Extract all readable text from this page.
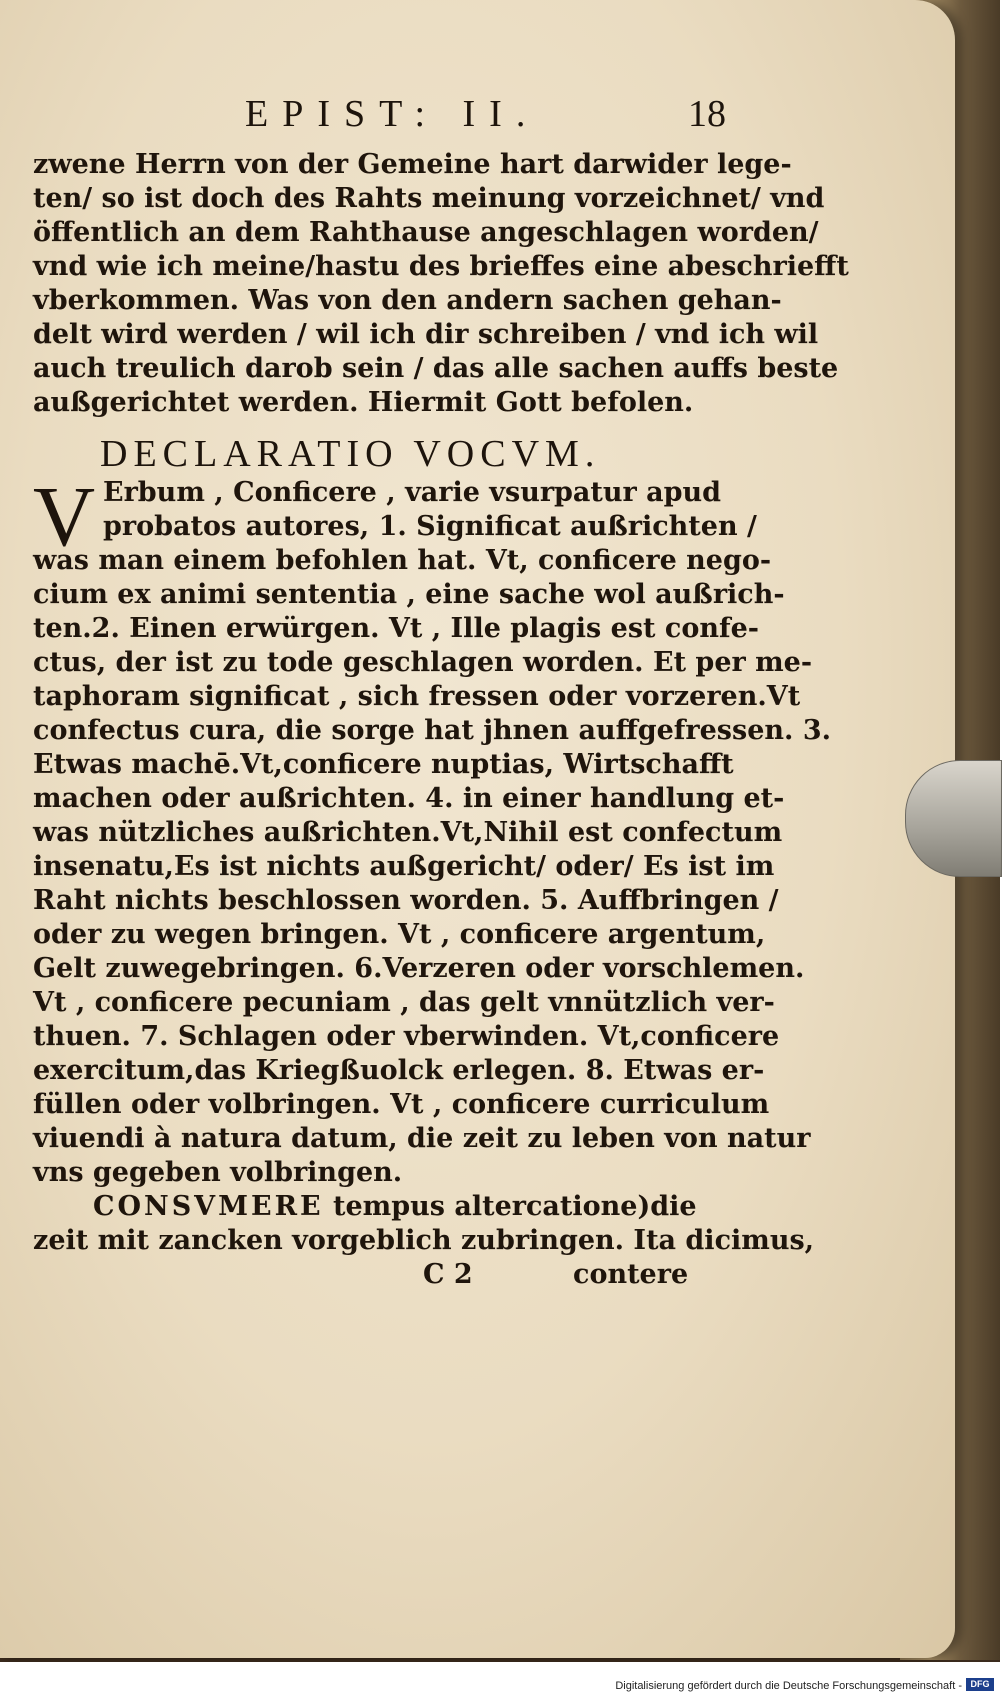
EPIST: II.	18
zwene Herrn von der Gemeine hart darwider lege-
ten/ so ist doch des Rahts meinung vorzeichnet/ vnd
öffentlich an dem Rahthause angeschlagen worden/
vnd wie ich meine/hastu des brieffes eine abeschriefft
vberkommen. Was von den andern sachen gehan-
delt wird werden / wil ich dir schreiben / vnd ich wil
auch treulich darob sein / das alle sachen auffs beste
außgerichtet werden. Hiermit Gott befolen.
DECLARATIO VOCVM.
V Erbum , Conficere , varie vsurpatur apud
probatos autores, 1. Significat außrichten /
was man einem befohlen hat. Vt, conficere nego-
cium ex animi sententia , eine sache wol außrich-
ten.2. Einen erwürgen. Vt , Ille plagis est confe-
ctus, der ist zu tode geschlagen worden. Et per me-
taphoram significat , sich fressen oder vorzeren.Vt
confectus cura, die sorge hat jhnen auffgefressen. 3.
Etwas machē.Vt,conficere nuptias, Wirtschafft
machen oder außrichten. 4. in einer handlung et-
was nützliches außrichten.Vt,Nihil est confectum
insenatu,Es ist nichts außgericht/ oder/ Es ist im
Raht nichts beschlossen worden. 5. Auffbringen /
oder zu wegen bringen. Vt , conficere argentum,
Gelt zuwegebringen. 6.Verzeren oder vorschlemen.
Vt , conficere pecuniam , das gelt vnnützlich ver-
thuen. 7. Schlagen oder vberwinden. Vt,conficere
exercitum,das Kriegßuolck erlegen. 8. Etwas er-
füllen oder volbringen. Vt , conficere curriculum
viuendi à natura datum, die zeit zu leben von natur
vns gegeben volbringen.
CONSVMERE tempus altercatione)die
zeit mit zancken vorgeblich zubringen. Ita dicimus,
C 2	contere
Digitalisierung gefördert durch die Deutsche Forschungsgemeinschaft - DFG
